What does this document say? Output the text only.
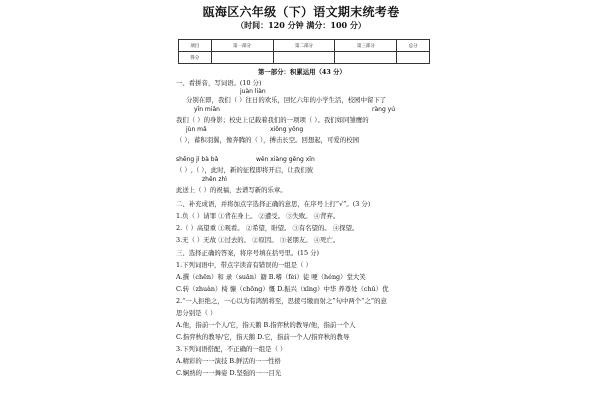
瓯海区六年级（下）语文期末统考卷
（时间：120 分钟 满分：100 分）
项目	第一部分	第二部分	第三部分	总分
得分				
第一部分：积累运用（43 分）
一、看拼音，写词语。(10 分)
juàn liàn
分别在即，我们（ ）往日的欢乐，回忆六年的小学生活，校园中留下了
yīn miǎn	ràng yú
我们（ ）的身影；校史上记载着我们的一项项（ ）。我们如同雏鹰的
jùn mǎ	xiōng yǒng
（ ），蓄积羽翼，像奔腾的（ ），搏击长空。回想起，可爱的校园
shēng jì bà bǎ	wěn xiàng gēng xīn
（ ）,（ ），此时，新的征程即将开启，让我们彼
zhēn zhì
此送上（ ）的祝福，去谱写新的乐章。
二、补充成语，并将加点字选择正确的意思，在序号上打“√”。(3 分)
1.负（ ）请罪 ①背在身上。 ②遭受。 ③失败。 ④背弃。
2.（ ）高望重 ①观看。 ②希望，盼望。 ③有名望的。 ④探望。
3.无（ ）无故 ①过去的。 ②原因。 ③老朋友。 ④死亡。
三、选择正确的答案，将序号填在括号里。(15 分)
1.下列词语中，带点字读音有错误的一组是（ ）
A.撰（chēn）和 录（suān）籍 B.嗜（fèi）徒 哽（héng）堂大笑
C.转（zhuàn）椅 慷（chōng）慨 D.振兴（xīng）中华 养尊处（chǔ）优
2.“一人拒绝之，一心以为有鸿鹄将至，思援弓缴而射之”句中两个“之”的意
思分别是（ ）
A.他，指前一个人/它，指天鹅 B.指弈秋的教导/他，指前一个人
C.指弈秋的教导/它，指天鹅 D.它，指前一个人/指弈秋的教导
3.下列词语搭配，不正确的一组是（ ）
A.精彩的一一演技 B.鲜活的一一性格
C.娴熟的一一舞姿 D.坚强的一一目光
